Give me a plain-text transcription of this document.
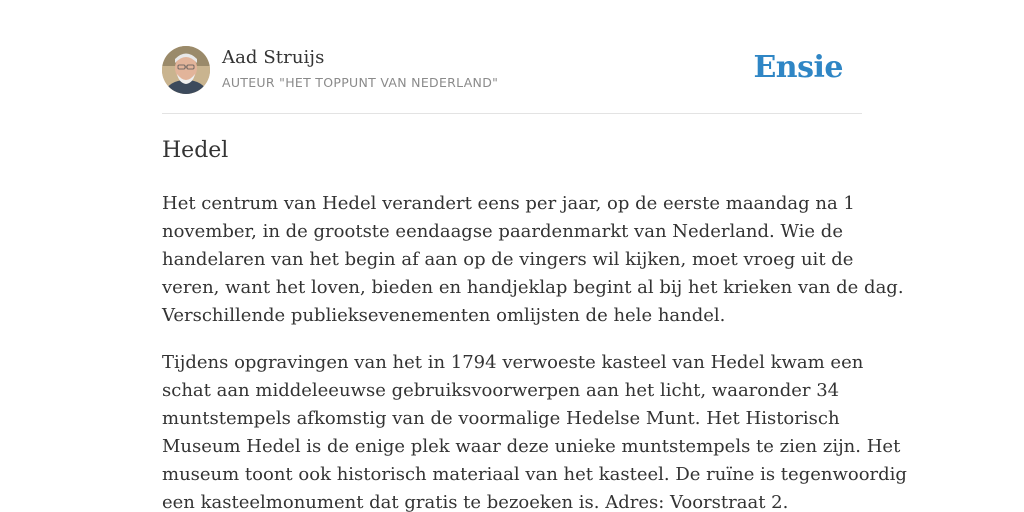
Aad Struijs
AUTEUR "HET TOPPUNT VAN NEDERLAND"	Ensie
Hedel

Het centrum van Hedel verandert eens per jaar, op de eerste maandag na 1
november, in de grootste eendaagse paardenmarkt van Nederland. Wie de
handelaren van het begin af aan op de vingers wil kijken, moet vroeg uit de
veren, want het loven, bieden en handjeklap begint al bij het krieken van de dag.
Verschillende publieksevenementen omlijsten de hele handel.

Tijdens opgravingen van het in 1794 verwoeste kasteel van Hedel kwam een
schat aan middeleeuwse gebruiksvoorwerpen aan het licht, waaronder 34
muntstempels afkomstig van de voormalige Hedelse Munt. Het Historisch
Museum Hedel is de enige plek waar deze unieke muntstempels te zien zijn. Het
museum toont ook historisch materiaal van het kasteel. De ruïne is tegenwoordig
een kasteelmonument dat gratis te bezoeken is. Adres: Voorstraat 2.
